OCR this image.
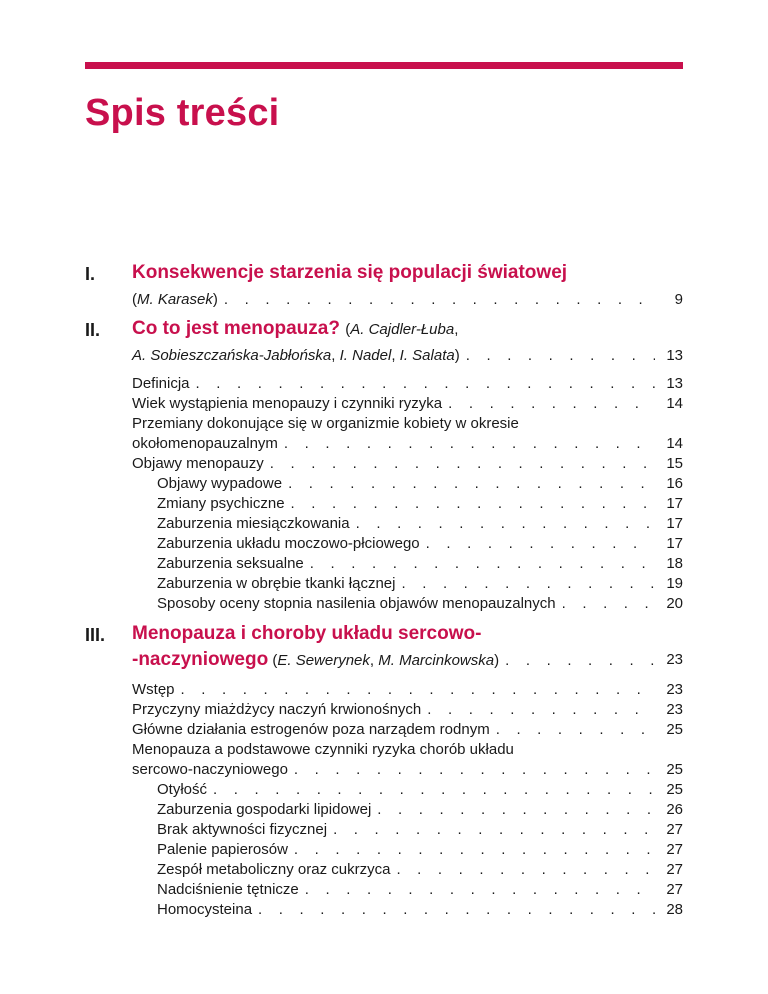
Spis treści
I. Konsekwencje starzenia się populacji światowej
(M. Karasek) . . .	9
II. Co to jest menopauza? (A. Cajdler-Łuba,
A. Sobieszczańska-Jabłońska, I. Nadel, I. Salata) . . .	13
Definicja . . .	13
Wiek wystąpienia menopauzy i czynniki ryzyka . . .	14
Przemiany dokonujące się w organizmie kobiety w okresie
okołomenopauzalnym . . .	14
Objawy menopauzy . . .	15
Objawy wypadowe . . .	16
Zmiany psychiczne . . .	17
Zaburzenia miesiączkowania . . .	17
Zaburzenia układu moczowo-płciowego . . .	17
Zaburzenia seksualne . . .	18
Zaburzenia w obrębie tkanki łącznej . . .	19
Sposoby oceny stopnia nasilenia objawów menopauzalnych . . .	20
III. Menopauza i choroby układu sercowo-
-naczyniowego (E. Sewerynek, M. Marcinkowska) . . .	23
Wstęp . . .	23
Przyczyny miażdżycy naczyń krwionośnych . . .	23
Główne działania estrogenów poza narządem rodnym . . .	25
Menopauza a podstawowe czynniki ryzyka chorób układu
sercowo-naczyniowego . . .	25
Otyłość . . .	25
Zaburzenia gospodarki lipidowej . . .	26
Brak aktywności fizycznej . . .	27
Palenie papierosów . . .	27
Zespół metaboliczny oraz cukrzyca . . .	27
Nadciśnienie tętnicze . . .	27
Homocysteina . . .	28
